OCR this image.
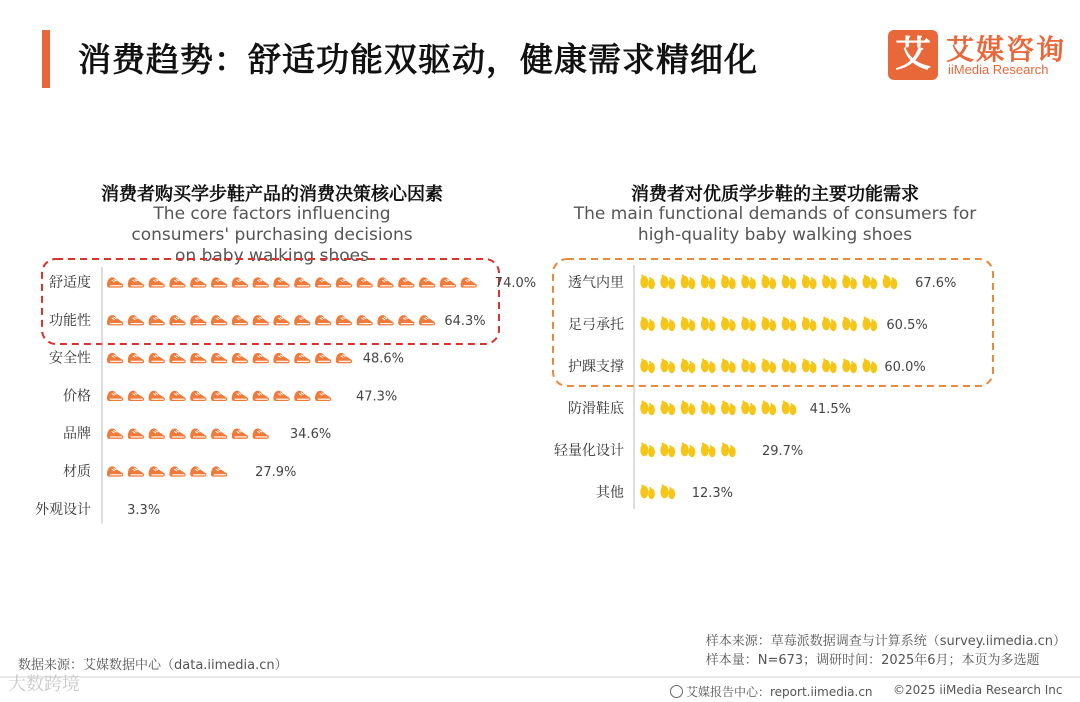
消费趋势：舒适功能双驱动，健康需求精细化	艾 艾媒咨询
iiMedia Research
消费者购买学步鞋产品的消费决策核心因素
The core factors influencing consumers' purchasing decisions on baby walking shoes
消费者对优质学步鞋的主要功能需求
The main functional demands of consumers for high-quality baby walking shoes
舒适度	74.0%
功能性	64.3%
安全性	48.6%
价格	47.3%
品牌	34.6%
材质	27.9%
外观设计	3.3%
透气内里	67.6%
足弓承托	60.5%
护踝支撑	60.0%
防滑鞋底	41.5%
轻量化设计	29.7%
其他	12.3%
样本来源：草莓派数据调查与计算系统（survey.iimedia.cn）
样本量：N=673；调研时间：2025年6月；本页为多选题
数据来源：艾媒数据中心（data.iimedia.cn）
大数跨境	艾媒报告中心：report.iimedia.cn ©2025 iiMedia Research Inc
